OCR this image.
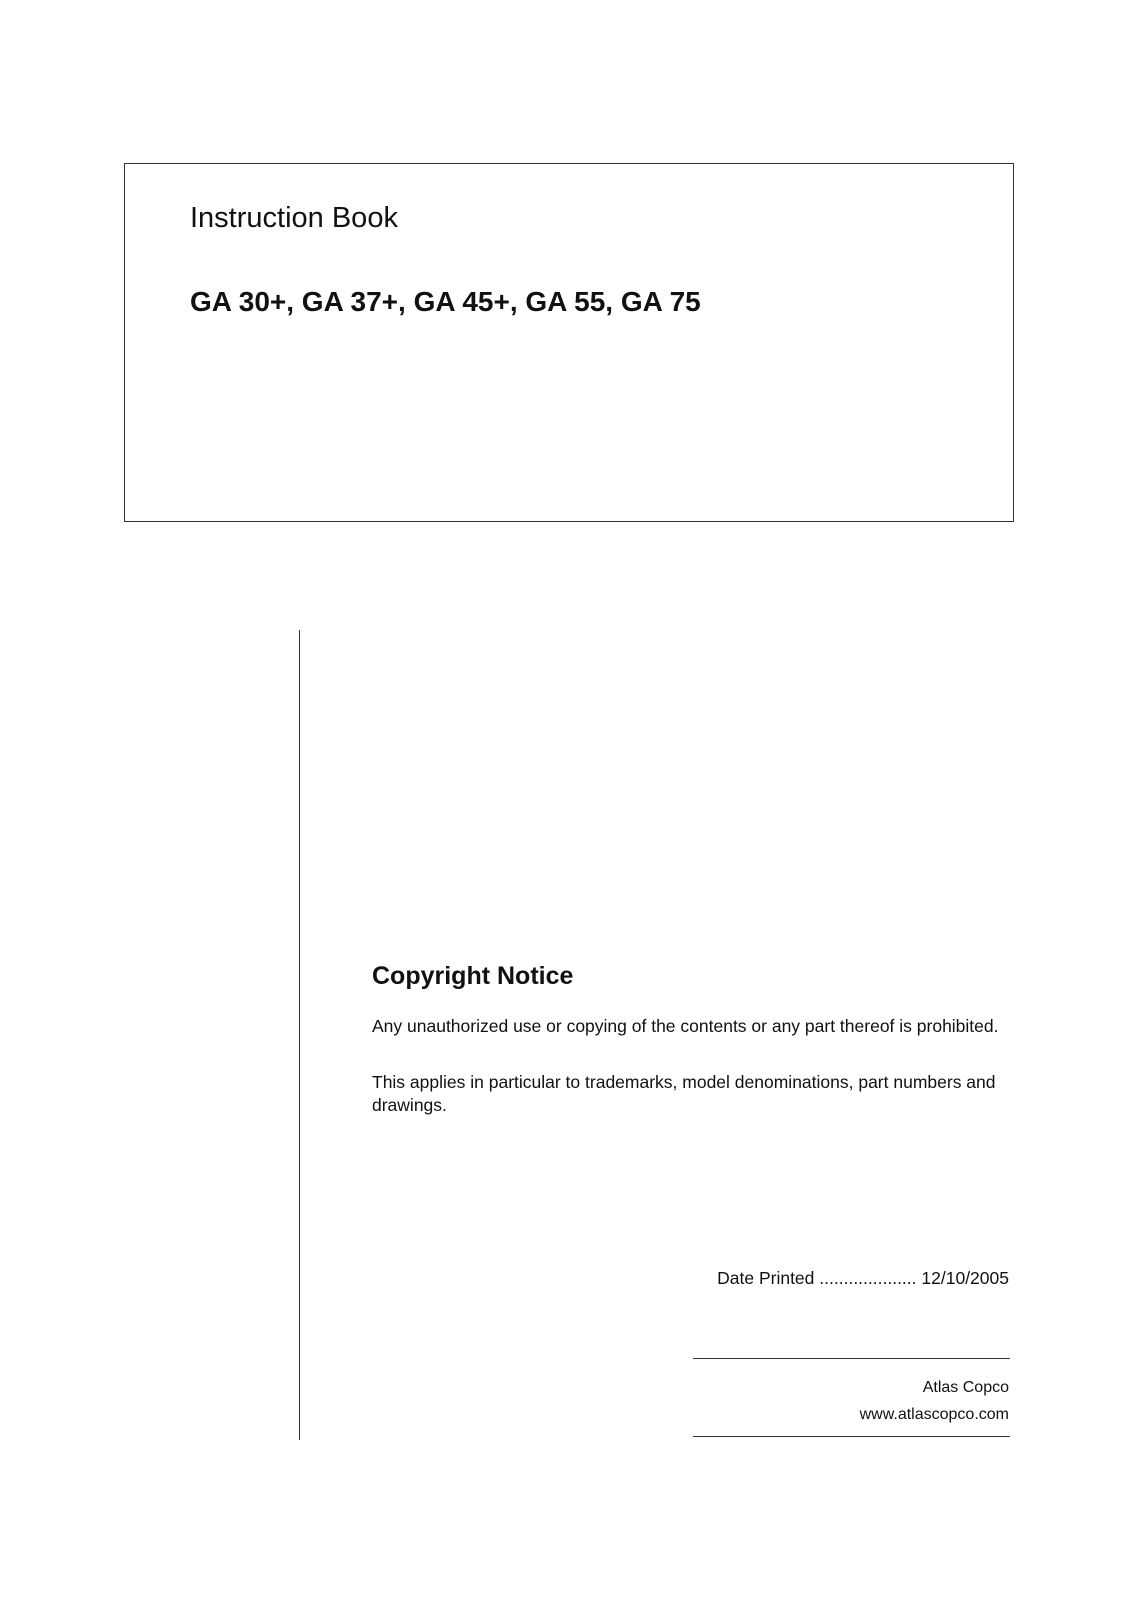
Instruction Book
GA 30+, GA 37+, GA 45+, GA 55, GA 75
Copyright Notice

Any unauthorized use or copying of the contents or any part thereof is prohibited.

This applies in particular to trademarks, model denominations, part numbers and drawings.

Date Printed .................... 12/10/2005
Atlas Copco
www.atlascopco.com
